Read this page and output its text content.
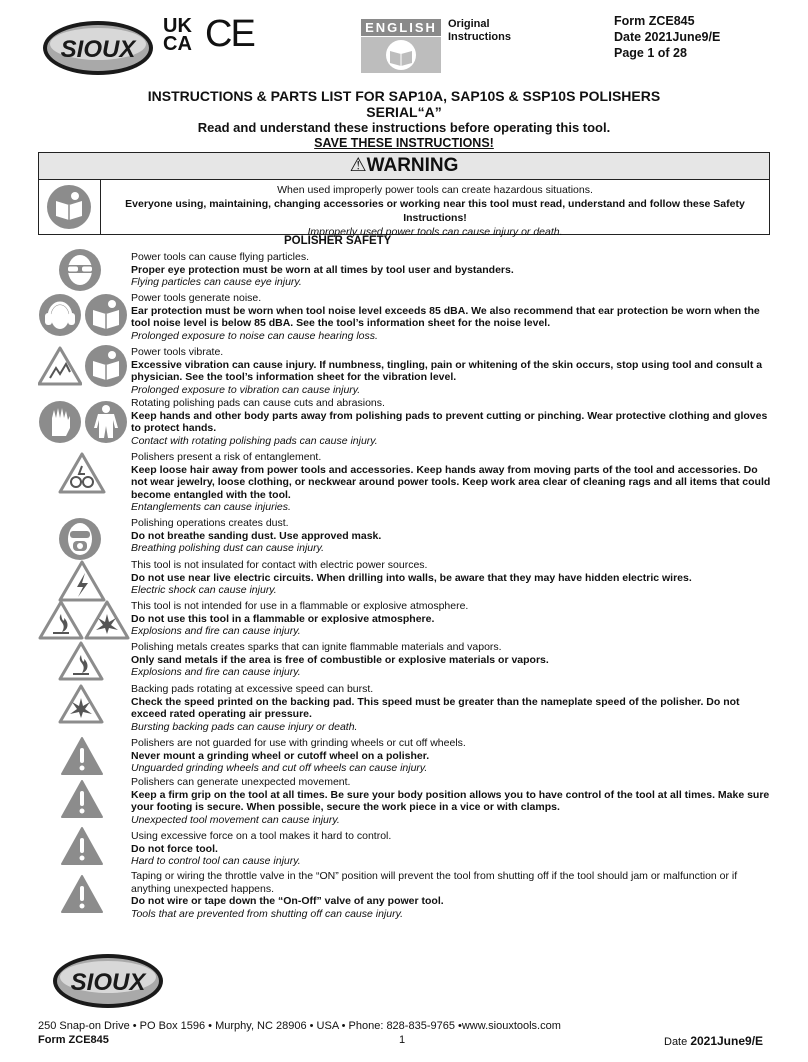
SIOUX
UK
CA CE	ENGLISH	Original
Instructions
Form ZCE845
Date 2021June9/E
Page 1 of 28
INSTRUCTIONS & PARTS LIST FOR SAP10A, SAP10S & SSP10S POLISHERS
SERIAL“A”
Read and understand these instructions before operating this tool.
SAVE THESE INSTRUCTIONS!
⚠WARNING
When used improperly power tools can create hazardous situations.
Everyone using, maintaining, changing accessories or working near this tool must read, understand and follow these Safety Instructions!
Improperly used power tools can cause injury or death.
POLISHER SAFETY
Power tools can cause flying particles.
Proper eye protection must be worn at all times by tool user and bystanders.
Flying particles can cause eye injury.
Power tools generate noise.
Ear protection must be worn when tool noise level exceeds 85 dBA. We also recommend that ear protection be worn when the tool noise level is below 85 dBA. See the tool’s information sheet for the noise level.
Prolonged exposure to noise can cause hearing loss.
Power tools vibrate.
Excessive vibration can cause injury. If numbness, tingling, pain or whitening of the skin occurs, stop using tool and consult a physician. See the tool’s information sheet for the vibration level.
Prolonged exposure to vibration can cause injury.
Rotating polishing pads can cause cuts and abrasions.
Keep hands and other body parts away from polishing pads to prevent cutting or pinching. Wear protective clothing and gloves to protect hands.
Contact with rotating polishing pads can cause injury.
Polishers present a risk of entanglement.
Keep loose hair away from power tools and accessories. Keep hands away from moving parts of the tool and accessories. Do not wear jewelry, loose clothing, or neckwear around power tools. Keep work area clear of cleaning rags and all items that could become entangled with the tool.
Entanglements can cause injuries.
Polishing operations creates dust.
Do not breathe sanding dust. Use approved mask.
Breathing polishing dust can cause injury.
This tool is not insulated for contact with electric power sources.
Do not use near live electric circuits. When drilling into walls, be aware that they may have hidden electric wires.
Electric shock can cause injury.
This tool is not intended for use in a flammable or explosive atmosphere.
Do not use this tool in a flammable or explosive atmosphere.
Explosions and fire can cause injury.
Polishing metals creates sparks that can ignite flammable materials and vapors.
Only sand metals if the area is free of combustible or explosive materials or vapors.
Explosions and fire can cause injury.
Backing pads rotating at excessive speed can burst.
Check the speed printed on the backing pad. This speed must be greater than the nameplate speed of the polisher. Do not exceed rated operating air pressure.
Bursting backing pads can cause injury or death.
Polishers are not guarded for use with grinding wheels or cut off wheels.
Never mount a grinding wheel or cutoff wheel on a polisher.
Unguarded grinding wheels and cut off wheels can cause injury.
Polishers can generate unexpected movement.
Keep a firm grip on the tool at all times. Be sure your body position allows you to have control of the tool at all times. Make sure your footing is secure. When possible, secure the work piece in a vice or with clamps.
Unexpected tool movement can cause injury.
Using excessive force on a tool makes it hard to control.
Do not force tool.
Hard to control tool can cause injury.
Taping or wiring the throttle valve in the “ON” position will prevent the tool from shutting off if the tool should jam or malfunction or if anything unexpected happens.
Do not wire or tape down the “On-Off” valve of any power tool.
Tools that are prevented from shutting off can cause injury.
SIOUX
250 Snap-on Drive • PO Box 1596 • Murphy, NC 28906 • USA • Phone: 828-835-9765 •www.siouxtools.com
Form ZCE845	1	Date 2021June9/E
